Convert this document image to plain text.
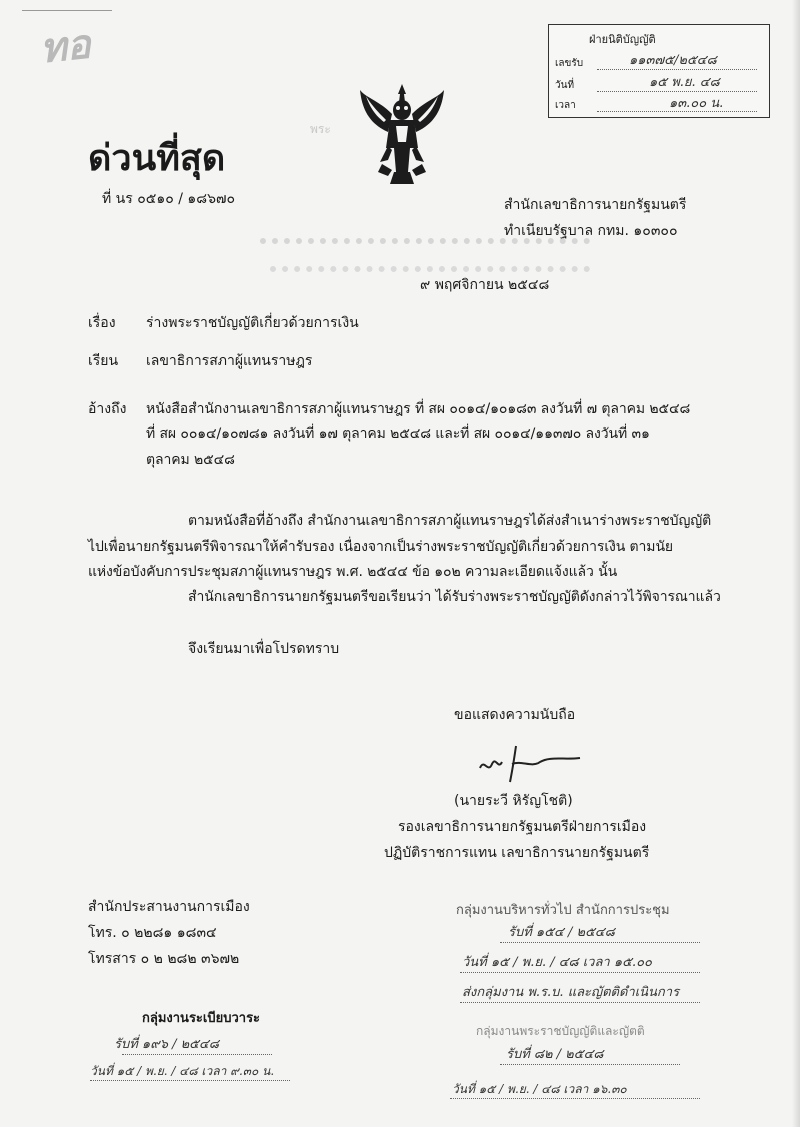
ทอ	ฝ่ายนิติบัญญัติ
เลขรับ	๑๑๓๗๕/๒๕๔๘
วันที่	๑๕ พ.ย. ๔๘
เวลา	๑๓.๐๐ น.
พระ
ด่วนที่สุด
ที่ นร ๐๕๑๐ / ๑๘๖๗๐	สำนักเลขาธิการนายกรัฐมนตรี
ทำเนียบรัฐบาล กทม. ๑๐๓๐๐
๙ พฤศจิกายน ๒๕๔๘
เรื่อง ร่างพระราชบัญญัติเกี่ยวด้วยการเงิน
เรียน เลขาธิการสภาผู้แทนราษฎร
อ้างถึง หนังสือสำนักงานเลขาธิการสภาผู้แทนราษฎร ที่ สผ ๐๐๑๔/๑๐๑๘๓ ลงวันที่ ๗ ตุลาคม ๒๕๔๘
ที่ สผ ๐๐๑๔/๑๐๗๘๑ ลงวันที่ ๑๗ ตุลาคม ๒๕๔๘ และที่ สผ ๐๐๑๔/๑๑๓๗๐ ลงวันที่ ๓๑
ตุลาคม ๒๕๔๘
ตามหนังสือที่อ้างถึง สำนักงานเลขาธิการสภาผู้แทนราษฎรได้ส่งสำเนาร่างพระราชบัญญัติ
ไปเพื่อนายกรัฐมนตรีพิจารณาให้คำรับรอง เนื่องจากเป็นร่างพระราชบัญญัติเกี่ยวด้วยการเงิน ตามนัย
แห่งข้อบังคับการประชุมสภาผู้แทนราษฎร พ.ศ. ๒๕๔๔ ข้อ ๑๐๒ ความละเอียดแจ้งแล้ว นั้น
สำนักเลขาธิการนายกรัฐมนตรีขอเรียนว่า ได้รับร่างพระราชบัญญัติดังกล่าวไว้พิจารณาแล้ว
จึงเรียนมาเพื่อโปรดทราบ
ขอแสดงความนับถือ
(นายระวี หิรัญโชติ)
รองเลขาธิการนายกรัฐมนตรีฝ่ายการเมือง
ปฏิบัติราชการแทน เลขาธิการนายกรัฐมนตรี
สำนักประสานงานการเมือง
โทร. ๐ ๒๒๘๑ ๑๘๓๔
โทรสาร ๐ ๒ ๒๘๒ ๓๖๗๒
กลุ่มงานบริหารทั่วไป สำนักการประชุม
รับที่ ๑๕๔ / ๒๕๔๘
วันที่ ๑๕ / พ.ย. / ๔๘ เวลา ๑๕.๐๐
ส่งกลุ่มงาน พ.ร.บ. และญัตติดำเนินการ
กลุ่มงานพระราชบัญญัติและญัตติ
รับที่ ๘๒ / ๒๕๔๘
วันที่ ๑๕ / พ.ย. / ๔๘ เวลา ๑๖.๓๐
กลุ่มงานระเบียบวาระ
รับที่ ๑๙๖ / ๒๕๔๘
วันที่ ๑๕ / พ.ย. / ๔๘ เวลา ๙.๓๐ น.
